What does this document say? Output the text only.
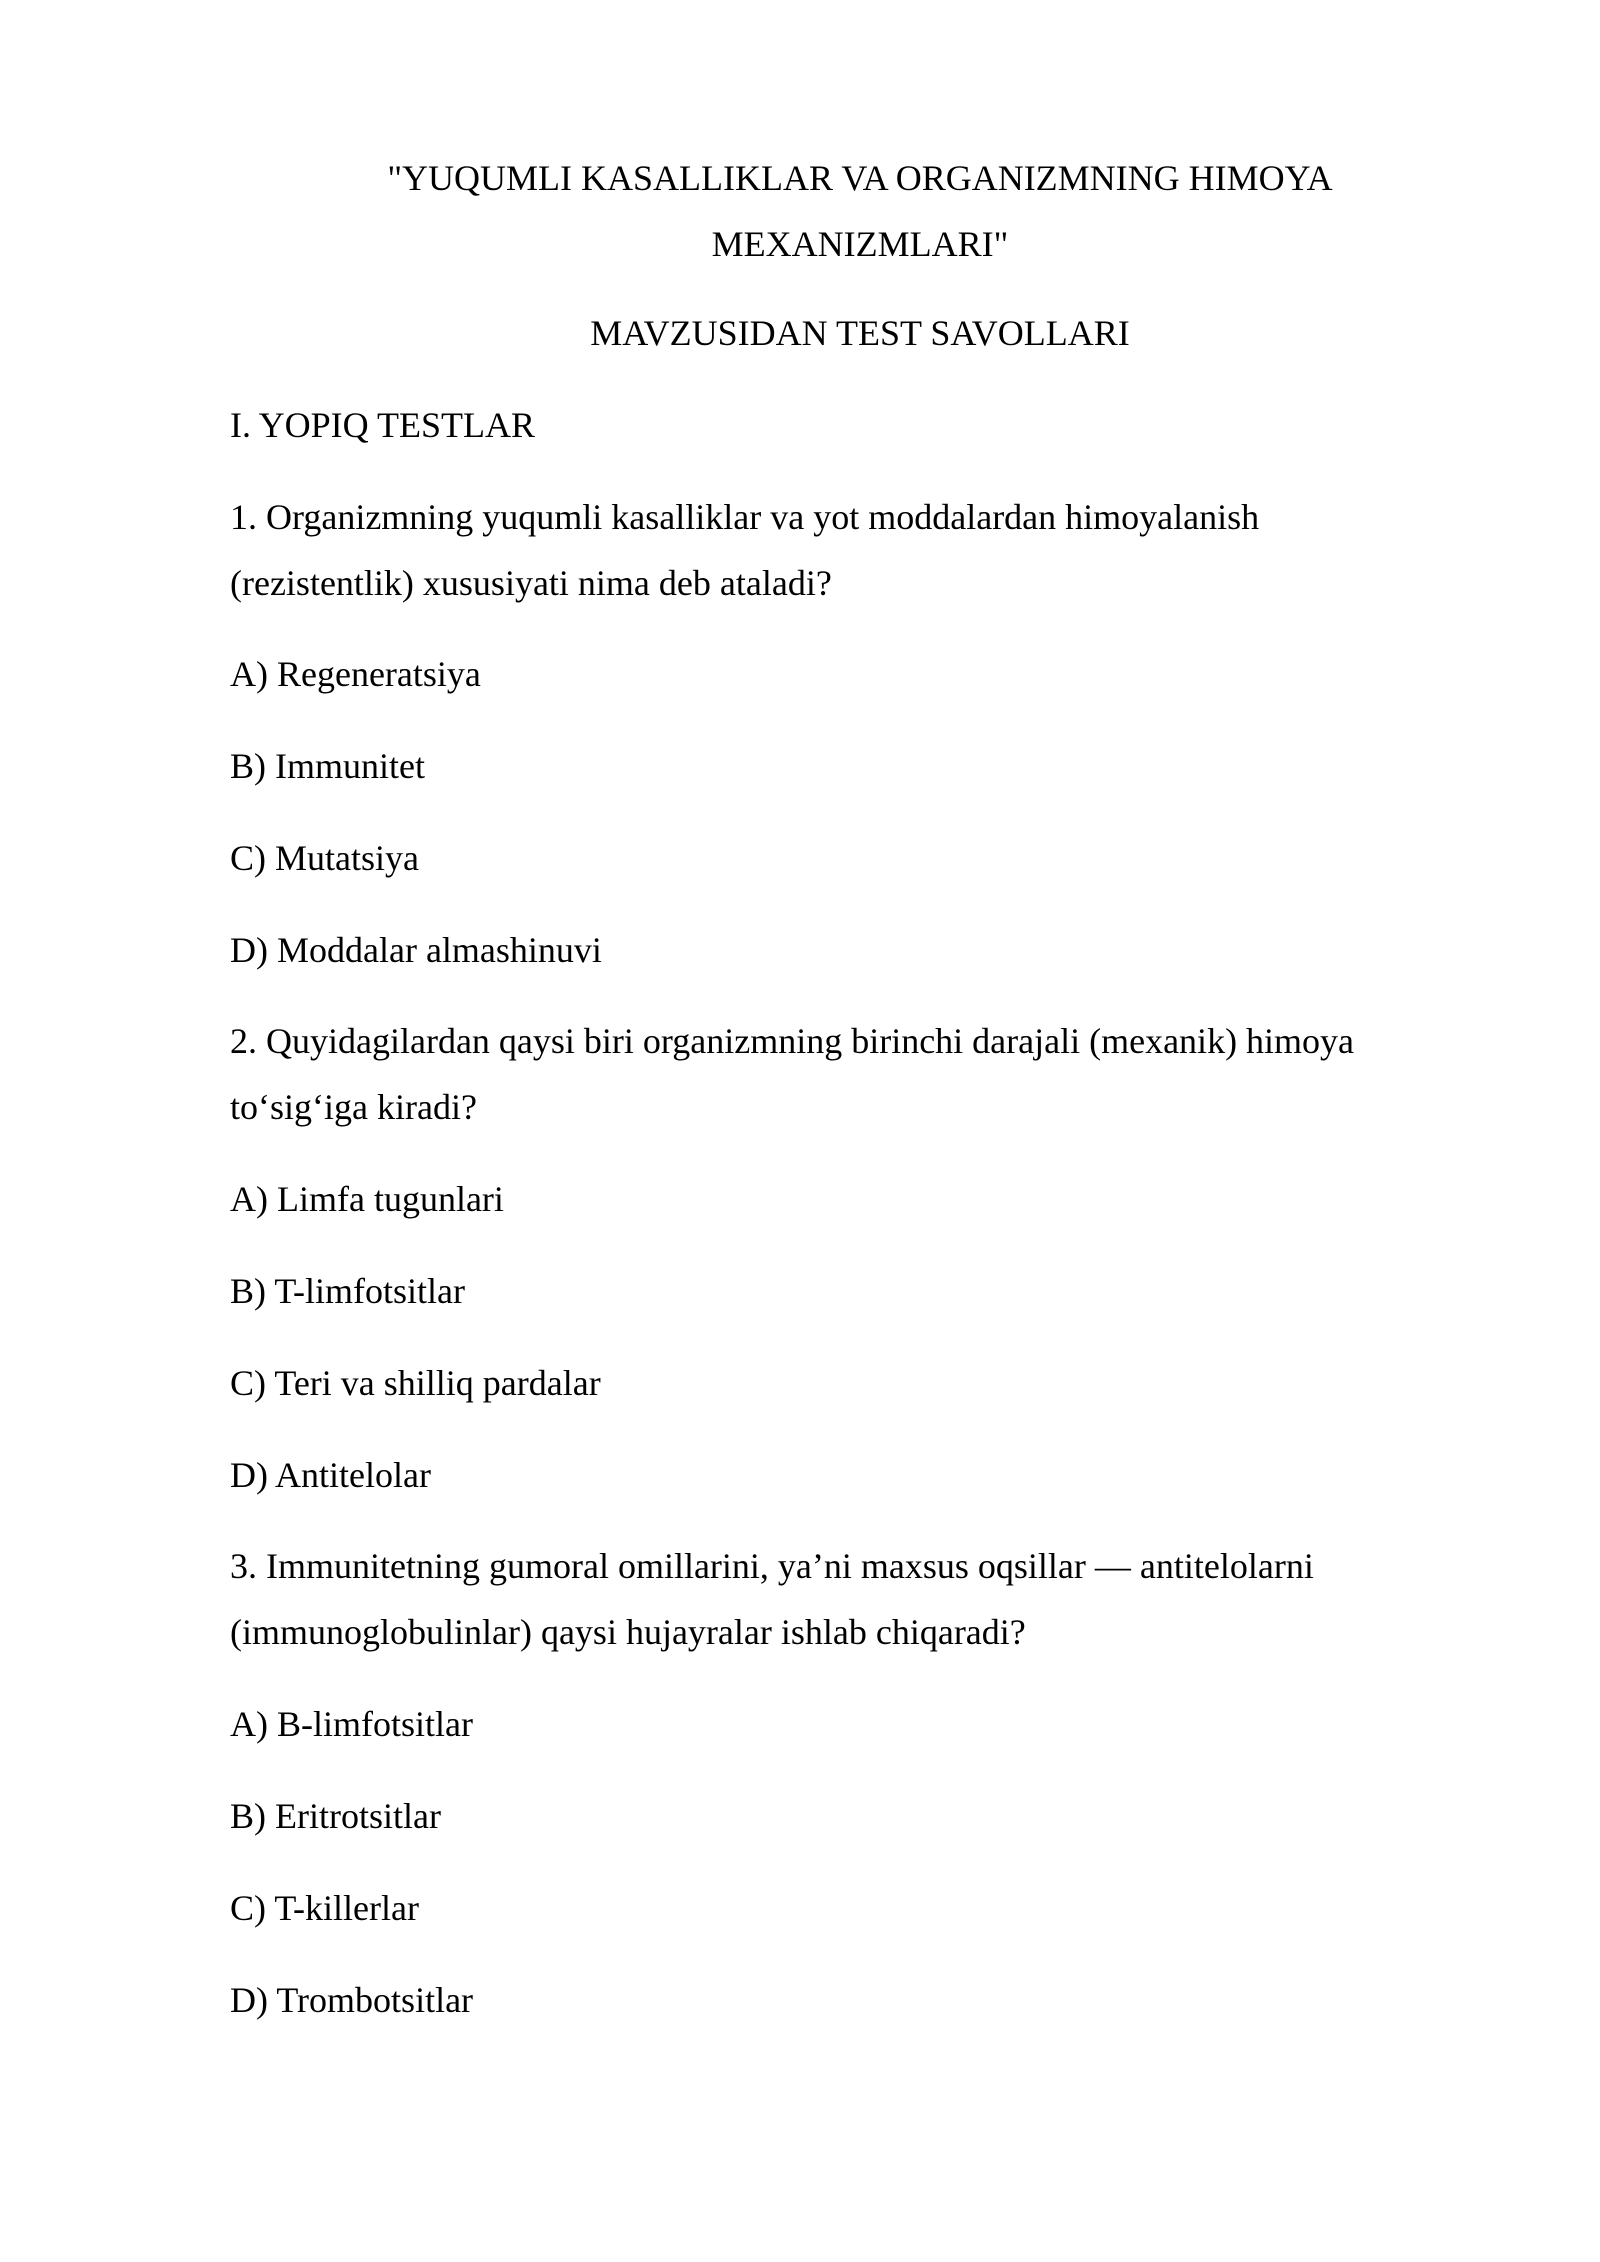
"YUQUMLI KASALLIKLAR VA ORGANIZMNING HIMOYA
MEXANIZMLARI"
MAVZUSIDAN TEST SAVOLLARI
I. YOPIQ TESTLAR
1. Organizmning yuqumli kasalliklar va yot moddalardan himoyalanish
(rezistentlik) xususiyati nima deb ataladi?
A) Regeneratsiya
B) Immunitet
C) Mutatsiya
D) Moddalar almashinuvi
2. Quyidagilardan qaysi biri organizmning birinchi darajali (mexanik) himoya
to‘sig‘iga kiradi?
A) Limfa tugunlari
B) T-limfotsitlar
C) Teri va shilliq pardalar
D) Antitelolar
3. Immunitetning gumoral omillarini, ya’ni maxsus oqsillar — antitelolarni
(immunoglobulinlar) qaysi hujayralar ishlab chiqaradi?
A) B-limfotsitlar
B) Eritrotsitlar
C) T-killerlar
D) Trombotsitlar
